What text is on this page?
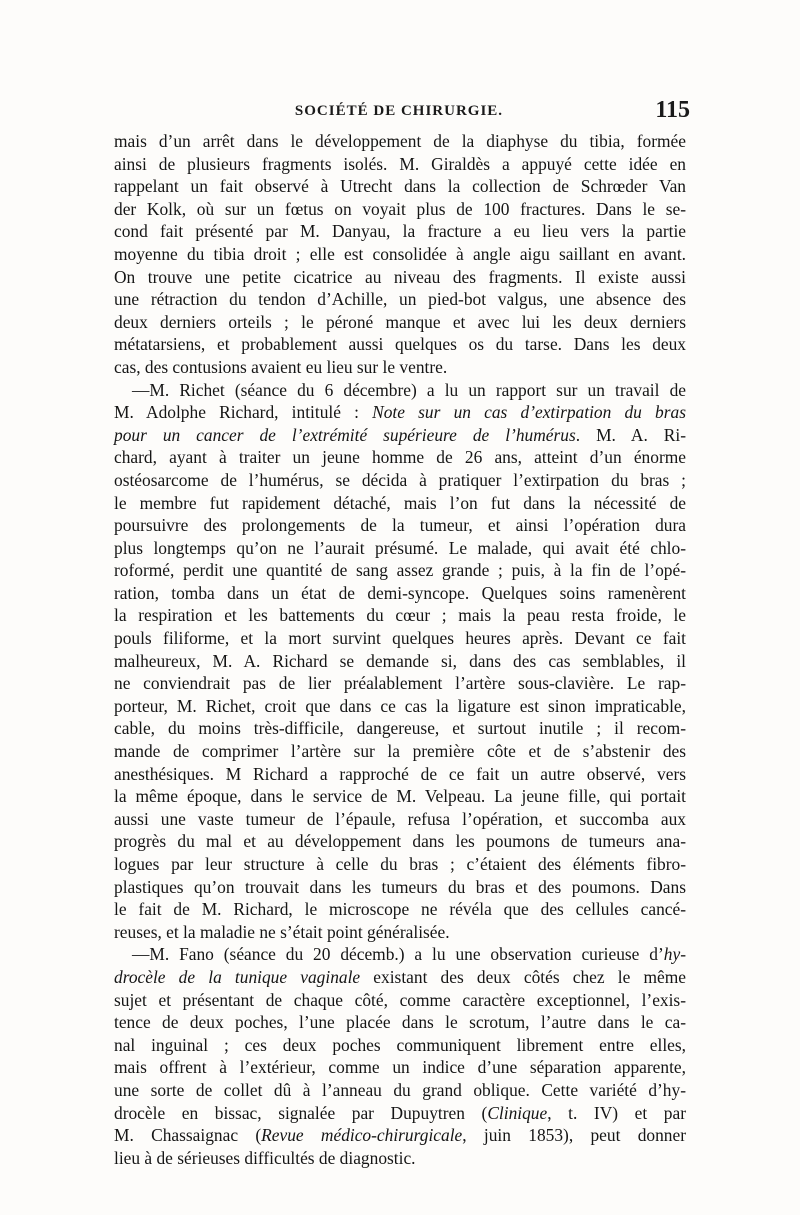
SOCIÉTÉ DE CHIRURGIE.	115
mais d’un arrêt dans le développement de la diaphyse du tibia, formée
ainsi de plusieurs fragments isolés. M. Giraldès a appuyé cette idée en
rappelant un fait observé à Utrecht dans la collection de Schrœder Van
der Kolk, où sur un fœtus on voyait plus de 100 fractures. Dans le se-
cond fait présenté par M. Danyau, la fracture a eu lieu vers la partie
moyenne du tibia droit ; elle est consolidée à angle aigu saillant en avant.
On trouve une petite cicatrice au niveau des fragments. Il existe aussi
une rétraction du tendon d’Achille, un pied-bot valgus, une absence des
deux derniers orteils ; le péroné manque et avec lui les deux derniers
métatarsiens, et probablement aussi quelques os du tarse. Dans les deux
cas, des contusions avaient eu lieu sur le ventre.
—M. Richet (séance du 6 décembre) a lu un rapport sur un travail de
M. Adolphe Richard, intitulé : Note sur un cas d’extirpation du bras
pour un cancer de l’extrémité supérieure de l’humérus. M. A. Ri-
chard, ayant à traiter un jeune homme de 26 ans, atteint d’un énorme
ostéosarcome de l’humérus, se décida à pratiquer l’extirpation du bras ;
le membre fut rapidement détaché, mais l’on fut dans la nécessité de
poursuivre des prolongements de la tumeur, et ainsi l’opération dura
plus longtemps qu’on ne l’aurait présumé. Le malade, qui avait été chlo-
roformé, perdit une quantité de sang assez grande ; puis, à la fin de l’opé-
ration, tomba dans un état de demi-syncope. Quelques soins ramenèrent
la respiration et les battements du cœur ; mais la peau resta froide, le
pouls filiforme, et la mort survint quelques heures après. Devant ce fait
malheureux, M. A. Richard se demande si, dans des cas semblables, il
ne conviendrait pas de lier préalablement l’artère sous-clavière. Le rap-
porteur, M. Richet, croit que dans ce cas la ligature est sinon impraticable,
cable, du moins très-difficile, dangereuse, et surtout inutile ; il recom-
mande de comprimer l’artère sur la première côte et de s’abstenir des
anesthésiques. M Richard a rapproché de ce fait un autre observé, vers
la même époque, dans le service de M. Velpeau. La jeune fille, qui portait
aussi une vaste tumeur de l’épaule, refusa l’opération, et succomba aux
progrès du mal et au développement dans les poumons de tumeurs ana-
logues par leur structure à celle du bras ; c’étaient des éléments fibro-
plastiques qu’on trouvait dans les tumeurs du bras et des poumons. Dans
le fait de M. Richard, le microscope ne révéla que des cellules cancé-
reuses, et la maladie ne s’était point généralisée.
—M. Fano (séance du 20 décemb.) a lu une observation curieuse d’hy-
drocèle de la tunique vaginale existant des deux côtés chez le même
sujet et présentant de chaque côté, comme caractère exceptionnel, l’exis-
tence de deux poches, l’une placée dans le scrotum, l’autre dans le ca-
nal inguinal ; ces deux poches communiquent librement entre elles,
mais offrent à l’extérieur, comme un indice d’une séparation apparente,
une sorte de collet dû à l’anneau du grand oblique. Cette variété d’hy-
drocèle en bissac, signalée par Dupuytren (Clinique, t. IV) et par
M. Chassaignac (Revue médico-chirurgicale, juin 1853), peut donner
lieu à de sérieuses difficultés de diagnostic.
